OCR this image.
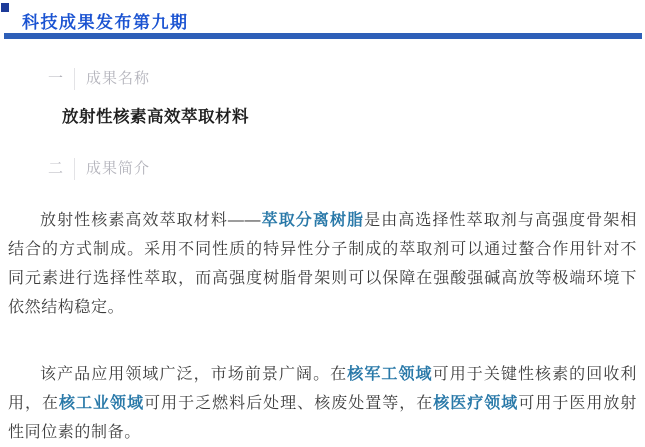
科技成果发布第九期
一 成果名称
放射性核素高效萃取材料
二 成果简介

放射性核素高效萃取材料——萃取分离树脂是由高选择性萃取剂与高强度骨架相结合的方式制成。采用不同性质的特异性分子制成的萃取剂可以通过螯合作用针对不同元素进行选择性萃取，而高强度树脂骨架则可以保障在强酸强碱高放等极端环境下依然结构稳定。

该产品应用领域广泛，市场前景广阔。在核军工领域可用于关键性核素的回收利用，在核工业领域可用于乏燃料后处理、核废处置等，在核医疗领域可用于医用放射性同位素的制备。
